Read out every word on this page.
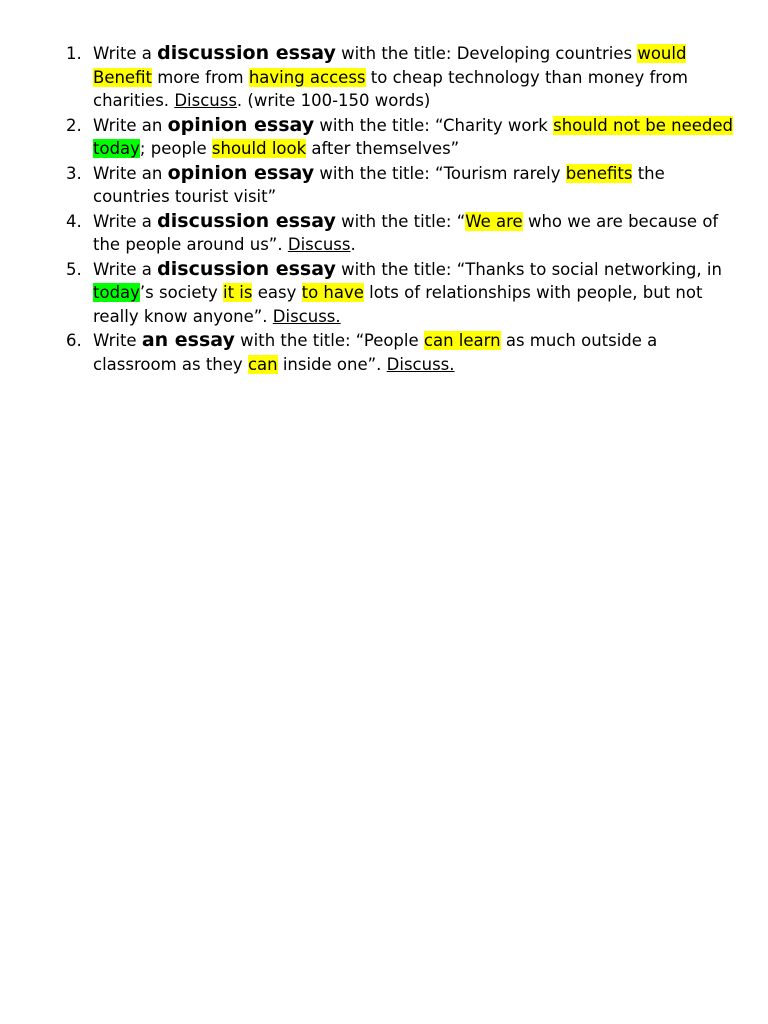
1. Write a discussion essay with the title: Developing countries would Benefit more from having access to cheap technology than money from charities. Discuss. (write 100-150 words)
2. Write an opinion essay with the title: “Charity work should not be needed today; people should look after themselves”
3. Write an opinion essay with the title: “Tourism rarely benefits the countries tourist visit”
4. Write a discussion essay with the title: “We are who we are because of the people around us”. Discuss.
5. Write a discussion essay with the title: “Thanks to social networking, in today’s society it is easy to have lots of relationships with people, but not really know anyone”. Discuss.
6. Write an essay with the title: “People can learn as much outside a classroom as they can inside one”. Discuss.
